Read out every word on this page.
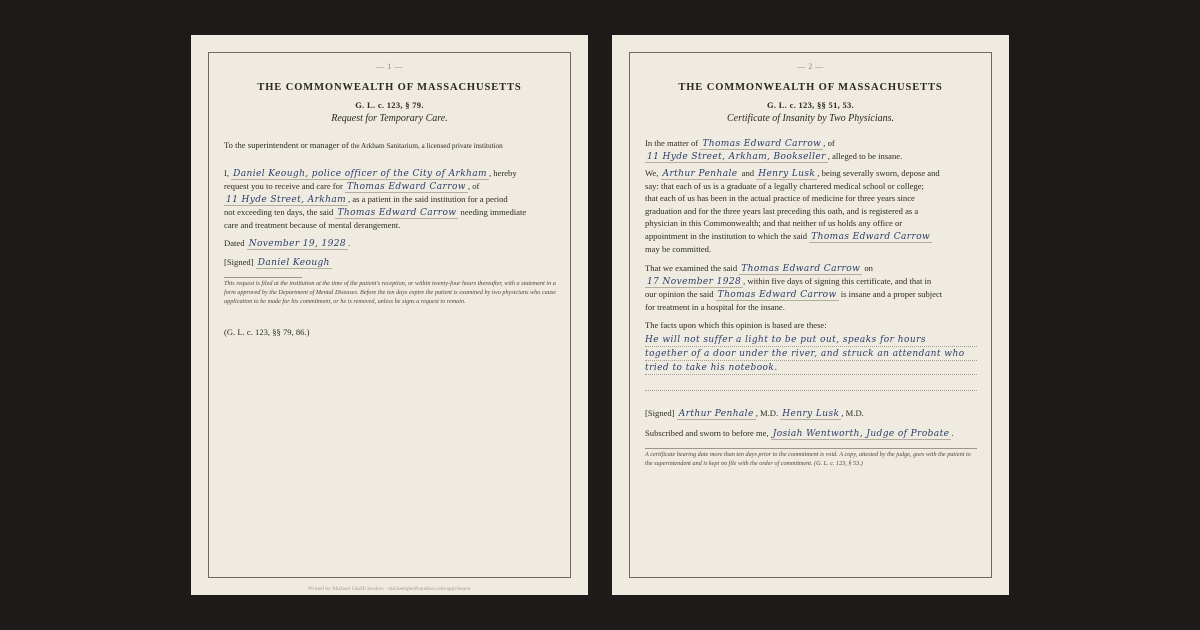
— 1 —
THE COMMONWEALTH OF MASSACHUSETTS
G. L. c. 123, § 79.
Request for Temporary Care.
To the superintendent or manager of the Arkham Sanitarium, a licensed private institution
I, Daniel Keough, police officer of the City of Arkham , hereby
request you to receive and care for Thomas Edward Carrow , of
11 Hyde Street, Arkham , as a patient in the said institution for a period
not exceeding ten days, the said Thomas Edward Carrow needing immediate
care and treatment because of mental derangement.
Dated November 19, 1928 .
[Signed] Daniel Keough
This request is filed at the institution at the time of the patient's reception, or within twenty-four hours thereafter, with a statement in a form approved by the Department of Mental Diseases. Before the ten days expire the patient is examined by two physicians who cause application to be made for his commitment, or he is removed, unless he signs a request to remain.
(G. L. c. 123, §§ 79, 86.)
Printed by Michael Ghelfi Studios · michaelghelfistudios.com/appt/hearsr
— 2 —
THE COMMONWEALTH OF MASSACHUSETTS
G. L. c. 123, §§ 51, 53.
Certificate of Insanity by Two Physicians.
In the matter of Thomas Edward Carrow , of
11 Hyde Street, Arkham, Bookseller , alleged to be insane.
We, Arthur Penhale and Henry Lusk , being severally sworn, depose and
say: that each of us is a graduate of a legally chartered medical school or college;
that each of us has been in the actual practice of medicine for three years since
graduation and for the three years last preceding this oath, and is registered as a
physician in this Commonwealth; and that neither of us holds any office or
appointment in the institution to which the said Thomas Edward Carrow
may be committed.
That we examined the said Thomas Edward Carrow on
17 November 1928 , within five days of signing this certificate, and that in
our opinion the said Thomas Edward Carrow is insane and a proper subject
for treatment in a hospital for the insane.
The facts upon which this opinion is based are these:
He will not suffer a light to be put out, speaks for hours
together of a door under the river, and struck an attendant who
tried to take his notebook.
[Signed] Arthur Penhale , M.D. Henry Lusk , M.D.
Subscribed and sworn to before me, Josiah Wentworth, Judge of Probate .
A certificate bearing date more than ten days prior to the commitment is void. A copy, attested by the judge, goes with the patient to the superintendent and is kept on file with the order of commitment. (G. L. c. 123, § 53.)
